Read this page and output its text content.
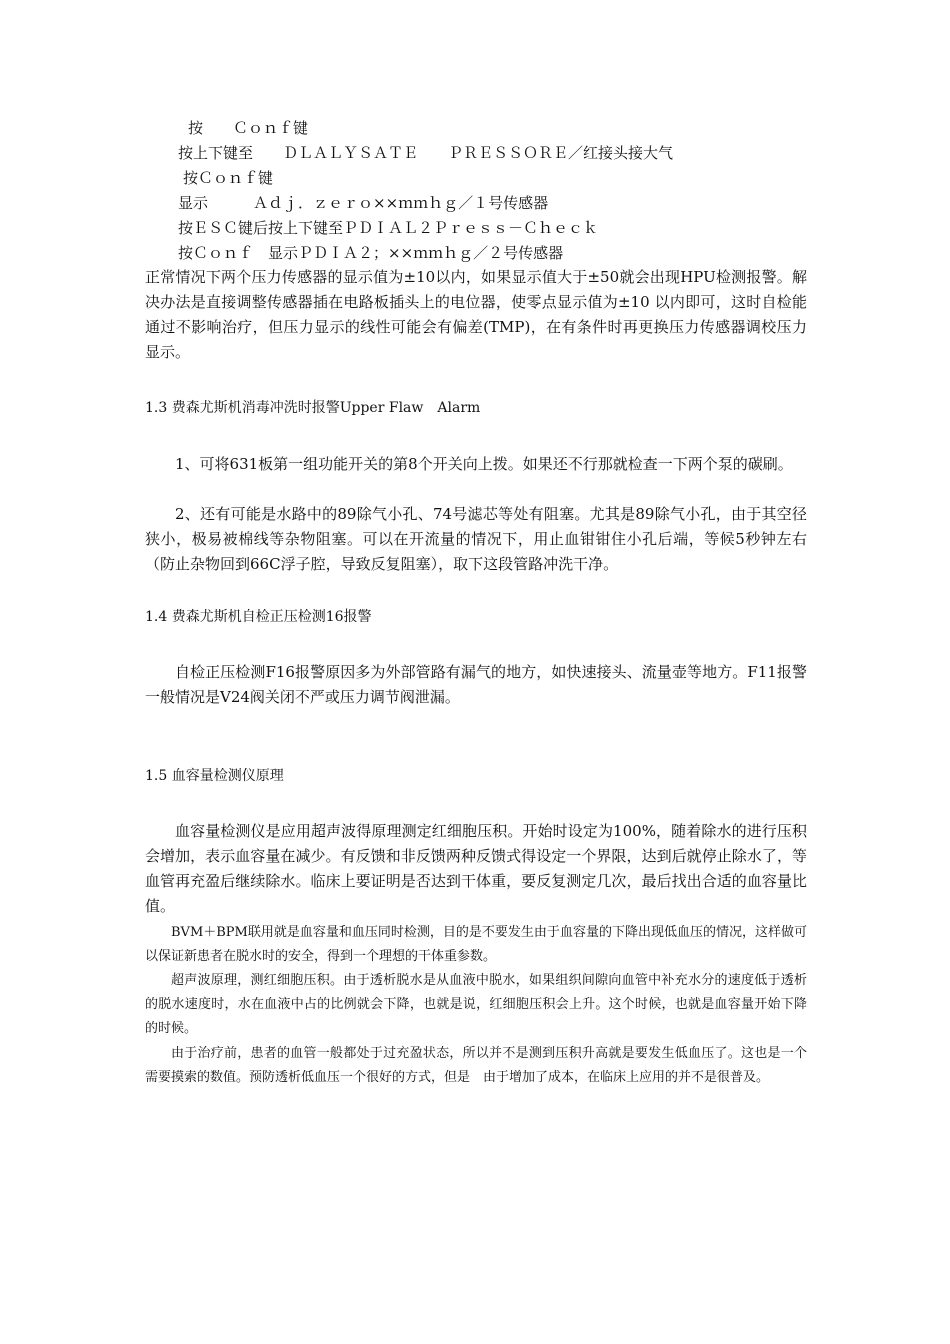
按　　Ｃｏｎｆ键
按上下键至　　ＤＬＡＬＹＳＡＴＥ　　ＰＲＥＳＳＯＲＥ／红接头接大气
按Ｃｏｎｆ键
显示　　　Ａｄｊ．ｚｅｒｏ××ｍｍｈｇ／１号传感器
按ＥＳＣ键后按上下键至ＰＤＩＡＬ２Ｐｒｅｓｓ－Ｃｈｅｃｋ
按Ｃｏｎｆ　显示ＰＤＩＡ２；××ｍｍｈｇ／２号传感器
正常情况下两个压力传感器的显示值为±10以内，如果显示值大于±50就会出现HPU检测报警。解决办法是直接调整传感器插在电路板插头上的电位器，使零点显示值为±10 以内即可，这时自检能通过不影响治疗，但压力显示的线性可能会有偏差(TMP)，在有条件时再更换压力传感器调校压力显示。
1.3 费森尤斯机消毒冲洗时报警Upper Flaw　Alarm
1、可将631板第一组功能开关的第8个开关向上拨。如果还不行那就检查一下两个泵的碳刷。
2、还有可能是水路中的89除气小孔、74号滤芯等处有阻塞。尤其是89除气小孔，由于其空径狭小，极易被棉线等杂物阻塞。可以在开流量的情况下，用止血钳钳住小孔后端，等候5秒钟左右（防止杂物回到66C浮子腔，导致反复阻塞），取下这段管路冲洗干净。
1.4 费森尤斯机自检正压检测16报警
自检正压检测F16报警原因多为外部管路有漏气的地方，如快速接头、流量壶等地方。F11报警一般情况是V24阀关闭不严或压力调节阀泄漏。
1.5 血容量检测仪原理
血容量检测仪是应用超声波得原理测定红细胞压积。开始时设定为100%，随着除水的进行压积会增加，表示血容量在减少。有反馈和非反馈两种反馈式得设定一个界限，达到后就停止除水了，等血管再充盈后继续除水。临床上要证明是否达到干体重，要反复测定几次，最后找出合适的血容量比值。
BVM＋BPM联用就是血容量和血压同时检测，目的是不要发生由于血容量的下降出现低血压的情况，这样做可以保证新患者在脱水时的安全，得到一个理想的干体重参数。
超声波原理，测红细胞压积。由于透析脱水是从血液中脱水，如果组织间隙向血管中补充水分的速度低于透析的脱水速度时，水在血液中占的比例就会下降，也就是说，红细胞压积会上升。这个时候，也就是血容量开始下降的时候。
由于治疗前，患者的血管一般都处于过充盈状态，所以并不是测到压积升高就是要发生低血压了。这也是一个需要摸索的数值。预防透析低血压一个很好的方式，但是　由于增加了成本，在临床上应用的并不是很普及。
